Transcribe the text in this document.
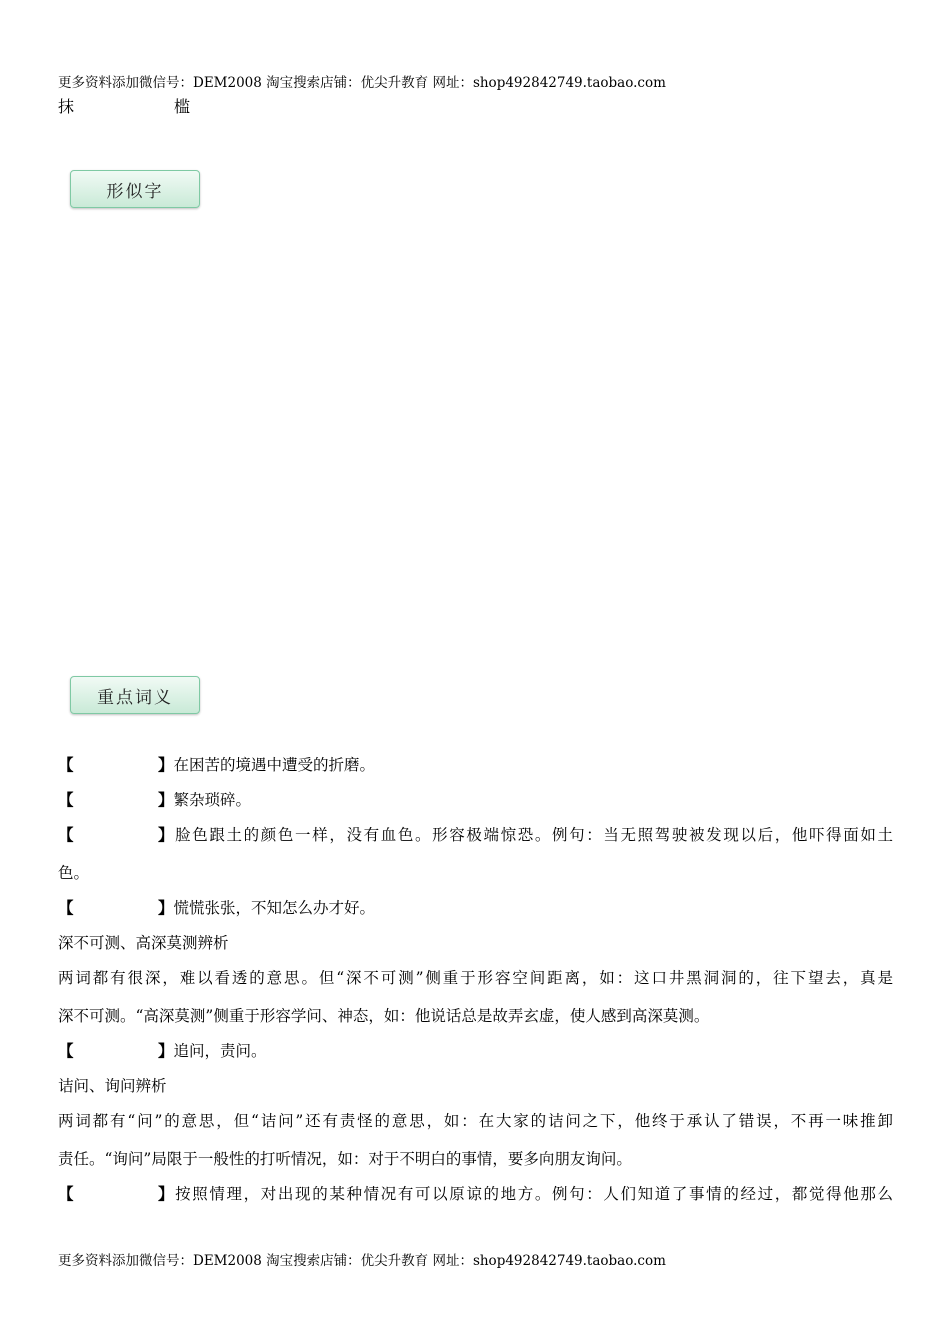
更多资料添加微信号：DEM2008 淘宝搜索店铺：优尖升教育 网址：shop492842749.taobao.com
抹	槛
形似字
重点词义
【	】在困苦的境遇中遭受的折磨。
【	】繁杂琐碎。
【	】脸色跟土的颜色一样，没有血色。形容极端惊恐。例句：当无照驾驶被发现以后，他吓得面如土
色。
【	】慌慌张张，不知怎么办才好。
深不可测、高深莫测辨析
两词都有很深，难以看透的意思。但“深不可测”侧重于形容空间距离，如：这口井黑洞洞的，往下望去，真是
深不可测。“高深莫测”侧重于形容学问、神态，如：他说话总是故弄玄虚，使人感到高深莫测。
【	】追问，责问。
诘问、询问辨析
两词都有“问”的意思，但“诘问”还有责怪的意思，如：在大家的诘问之下，他终于承认了错误，不再一味推卸
责任。“询问”局限于一般性的打听情况，如：对于不明白的事情，要多向朋友询问。
【	】按照情理，对出现的某种情况有可以原谅的地方。例句：人们知道了事情的经过，都觉得他那么
更多资料添加微信号：DEM2008 淘宝搜索店铺：优尖升教育 网址：shop492842749.taobao.com
